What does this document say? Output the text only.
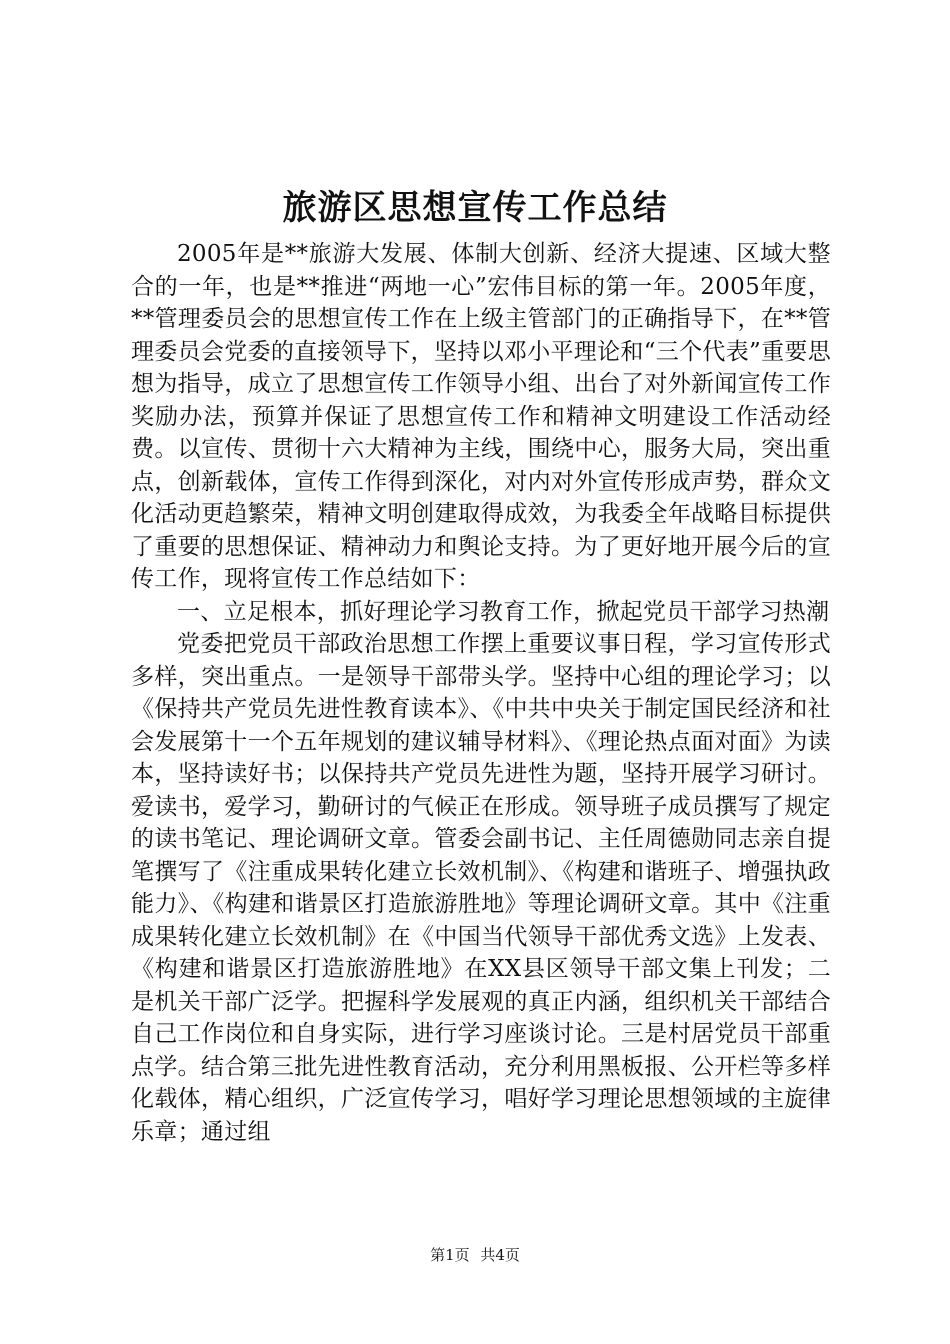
旅游区思想宣传工作总结

2005年是**旅游大发展、体制大创新、经济大提速、区域大整合的一年，也是**推进“两地一心”宏伟目标的第一年。2005年度，**管理委员会的思想宣传工作在上级主管部门的正确指导下，在**管理委员会党委的直接领导下，坚持以邓小平理论和“三个代表”重要思想为指导，成立了思想宣传工作领导小组、出台了对外新闻宣传工作奖励办法，预算并保证了思想宣传工作和精神文明建设工作活动经费。以宣传、贯彻十六大精神为主线，围绕中心，服务大局，突出重点，创新载体，宣传工作得到深化，对内对外宣传形成声势，群众文化活动更趋繁荣，精神文明创建取得成效，为我委全年战略目标提供了重要的思想保证、精神动力和舆论支持。为了更好地开展今后的宣传工作，现将宣传工作总结如下：

一、立足根本，抓好理论学习教育工作，掀起党员干部学习热潮

党委把党员干部政治思想工作摆上重要议事日程，学习宣传形式多样，突出重点。一是领导干部带头学。坚持中心组的理论学习；以《保持共产党员先进性教育读本》、《中共中央关于制定国民经济和社会发展第十一个五年规划的建议辅导材料》、《理论热点面对面》为读本，坚持读好书；以保持共产党员先进性为题，坚持开展学习研讨。爱读书，爱学习，勤研讨的气候正在形成。领导班子成员撰写了规定的读书笔记、理论调研文章。管委会副书记、主任周德勋同志亲自提笔撰写了《注重成果转化建立长效机制》、《构建和谐班子、增强执政能力》、《构建和谐景区打造旅游胜地》等理论调研文章。其中《注重成果转化建立长效机制》在《中国当代领导干部优秀文选》上发表、《构建和谐景区打造旅游胜地》在XX县区领导干部文集上刊发；二是机关干部广泛学。把握科学发展观的真正内涵，组织机关干部结合自己工作岗位和自身实际，进行学习座谈讨论。三是村居党员干部重点学。结合第三批先进性教育活动，充分利用黑板报、公开栏等多样化载体，精心组织，广泛宣传学习，唱好学习理论思想领域的主旋律乐章；通过组

第1页 共4页
